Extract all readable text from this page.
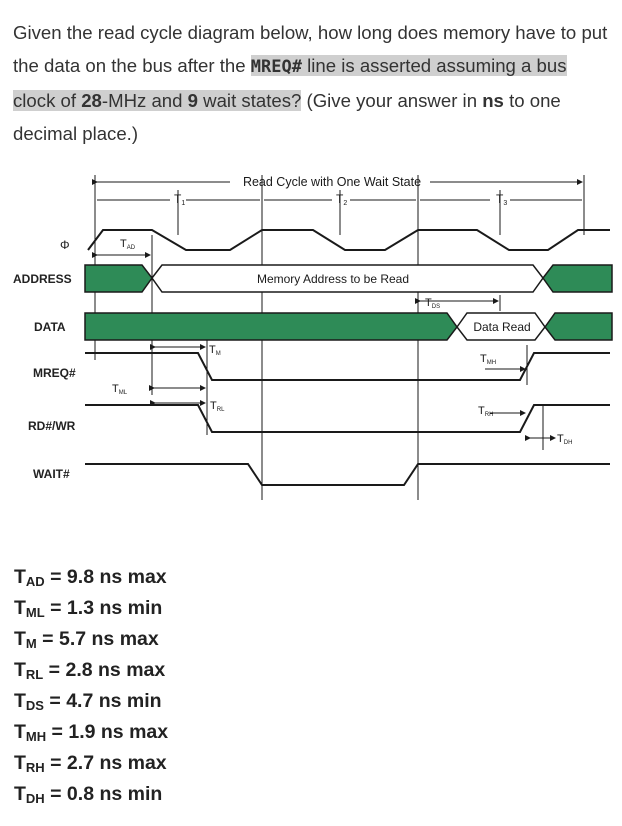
Given the read cycle diagram below, how long does memory have to put the data on the bus after the MREQ# line is asserted assuming a bus clock of 28-MHz and 9 wait states? (Give your answer in ns to one decimal place.)
Read Cycle with One Wait State
T1	T2	T3
Φ	TAD
ADDRESS	Memory Address to be Read
TDS
DATA	Data Read
MREQ#
TM	TMH
TML
RD#/WR
TRL	TRH
TDH
WAIT#
$T_{AD} = 9.8$ ns max
$T_{ML} = 1.3$ ns min
$T_M = 5.7$ ns max
$T_{RL} = 2.8$ ns max
$T_{DS} = 4.7$ ns min
$T_{MH} = 1.9$ ns max
$T_{RH} = 2.7$ ns max
$T_{DH} = 0.8$ ns min
